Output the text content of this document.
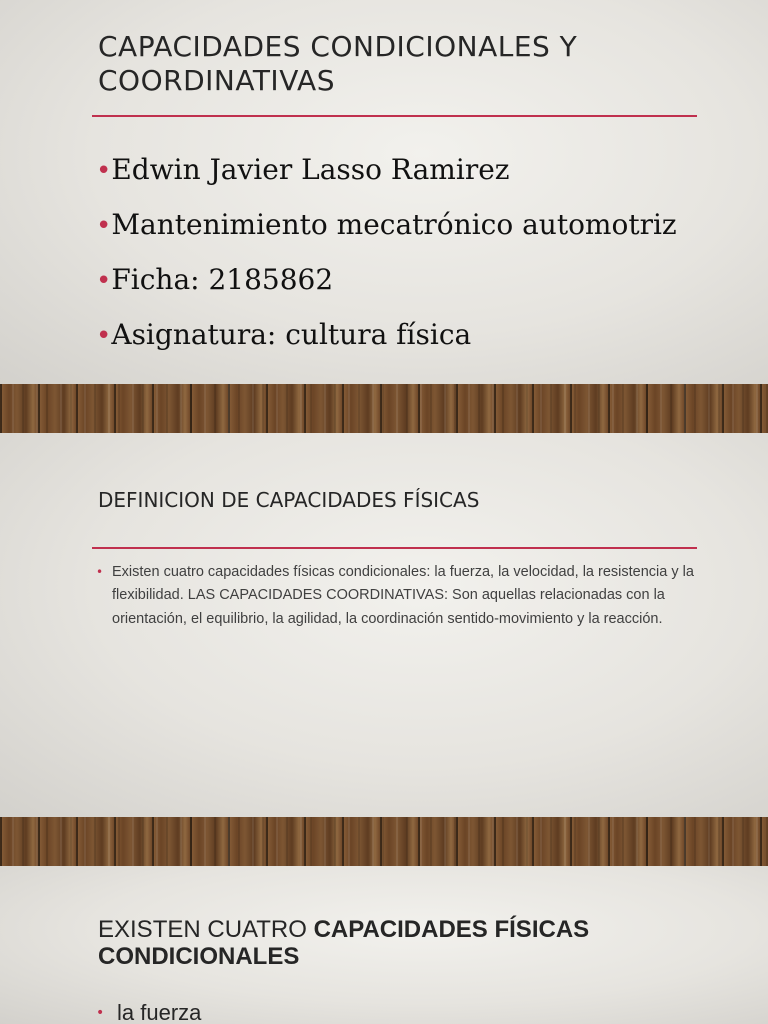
CAPACIDADES CONDICIONALES Y COORDINATIVAS
•Edwin Javier Lasso Ramirez
•Mantenimiento mecatrónico automotriz
•Ficha: 2185862
•Asignatura: cultura física
DEFINICION DE CAPACIDADES FÍSICAS
• Existen cuatro capacidades físicas condicionales: la fuerza, la velocidad, la resistencia y la flexibilidad. LAS CAPACIDADES COORDINATIVAS: Son aquellas relacionadas con la orientación, el equilibrio, la agilidad, la coordinación sentido-movimiento y la reacción.
EXISTEN CUATRO CAPACIDADES FÍSICAS CONDICIONALES
• la fuerza
